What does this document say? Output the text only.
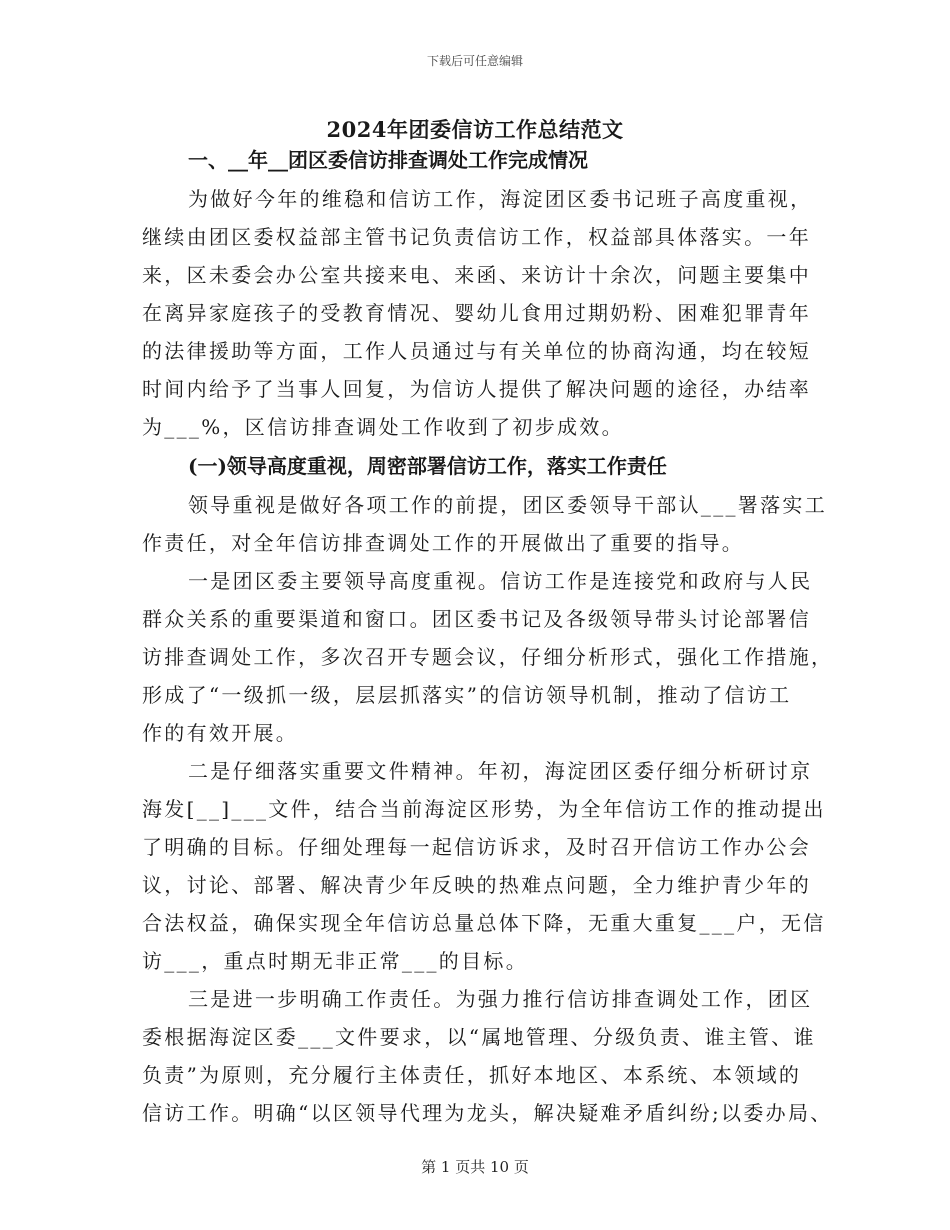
下载后可任意编辑
2024年团委信访工作总结范文

一、__年__团区委信访排查调处工作完成情况

为做好今年的维稳和信访工作，海淀团区委书记班子高度重视，
继续由团区委权益部主管书记负责信访工作，权益部具体落实。一年
来，区未委会办公室共接来电、来函、来访计十余次，问题主要集中
在离异家庭孩子的受教育情况、婴幼儿食用过期奶粉、困难犯罪青年
的法律援助等方面，工作人员通过与有关单位的协商沟通，均在较短
时间内给予了当事人回复，为信访人提供了解决问题的途径，办结率
为___%，区信访排查调处工作收到了初步成效。

(一)领导高度重视，周密部署信访工作，落实工作责任

领导重视是做好各项工作的前提，团区委领导干部认___署落实工
作责任，对全年信访排查调处工作的开展做出了重要的指导。
一是团区委主要领导高度重视。信访工作是连接党和政府与人民
群众关系的重要渠道和窗口。团区委书记及各级领导带头讨论部署信
访排查调处工作，多次召开专题会议，仔细分析形式，强化工作措施，
形成了“一级抓一级，层层抓落实”的信访领导机制，推动了信访工
作的有效开展。
二是仔细落实重要文件精神。年初，海淀团区委仔细分析研讨京
海发[__]___文件，结合当前海淀区形势，为全年信访工作的推动提出
了明确的目标。仔细处理每一起信访诉求，及时召开信访工作办公会
议，讨论、部署、解决青少年反映的热难点问题，全力维护青少年的
合法权益，确保实现全年信访总量总体下降，无重大重复___户，无信
访___，重点时期无非正常___的目标。
三是进一步明确工作责任。为强力推行信访排查调处工作，团区
委根据海淀区委___文件要求，以“属地管理、分级负责、谁主管、谁
负责”为原则，充分履行主体责任，抓好本地区、本系统、本领域的
信访工作。明确“以区领导代理为龙头，解决疑难矛盾纠纷;以委办局、
第 1 页共 10 页
